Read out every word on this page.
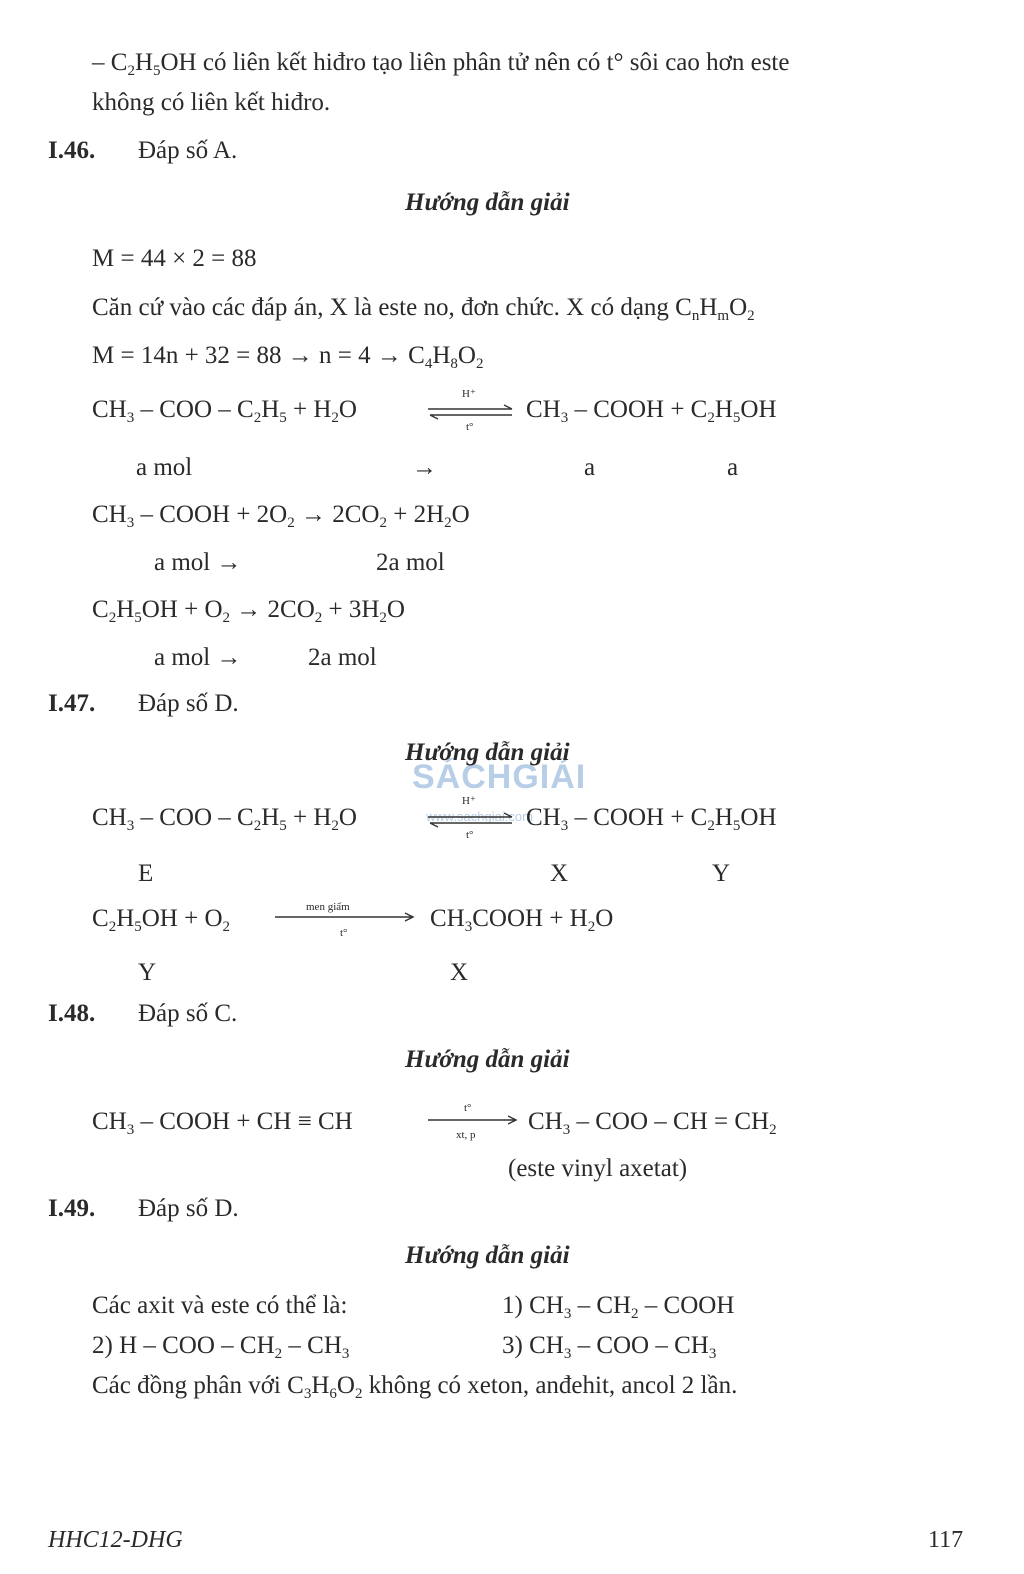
SÁCHGIẢI
www.sachgiai.com
– $C_2H_5OH$ có liên kết hiđro tạo liên phân tử nên có t° sôi cao hơn este
không có liên kết hiđro.
I.46. Đáp số A.
Hướng dẫn giải
M = 44 × 2 = 88
Căn cứ vào các đáp án, X là este no, đơn chức. X có dạng $C_nH_mO_2$
$M = 14n + 32 = 88 \to n = 4 \to C_4H_8O_2$
$CH_3$ – COO – $C_2H_5 + H_2O$
H⁺
t°
$CH_3$ – COOH + $C_2H_5OH$
a mol	→	a	a
$CH_3$ – COOH + $2O_2 \to 2CO_2 + 2H_2O$
a mol →	2a mol
$C_2H_5OH + O_2 \to 2CO_2 + 3H_2O$
a mol →	2a mol
I.47. Đáp số D.
Hướng dẫn giải
$CH_3$ – COO – $C_2H_5 + H_2O$
H⁺
t°
$CH_3$ – COOH + $C_2H_5OH$
E	X	Y
$C_2H_5OH + O_2$
men giấm
t°
$CH_3COOH + H_2O$
Y	X
I.48. Đáp số C.
Hướng dẫn giải
$CH_3$ – COOH + CH ≡ CH	t°
xt, p $CH_3$ – COO – CH = $CH_2$
(este vinyl axetat)
I.49. Đáp số D.
Hướng dẫn giải
Các axit và este có thể là:	1) $CH_3 - CH_2$ – COOH
2) H – COO – $CH_2 - CH_3$	3) $CH_3$ – COO – $CH_3$
Các đồng phân với $C_3H_6O_2$ không có xeton, anđehit, ancol 2 lần.
HHC12-DHG	117
